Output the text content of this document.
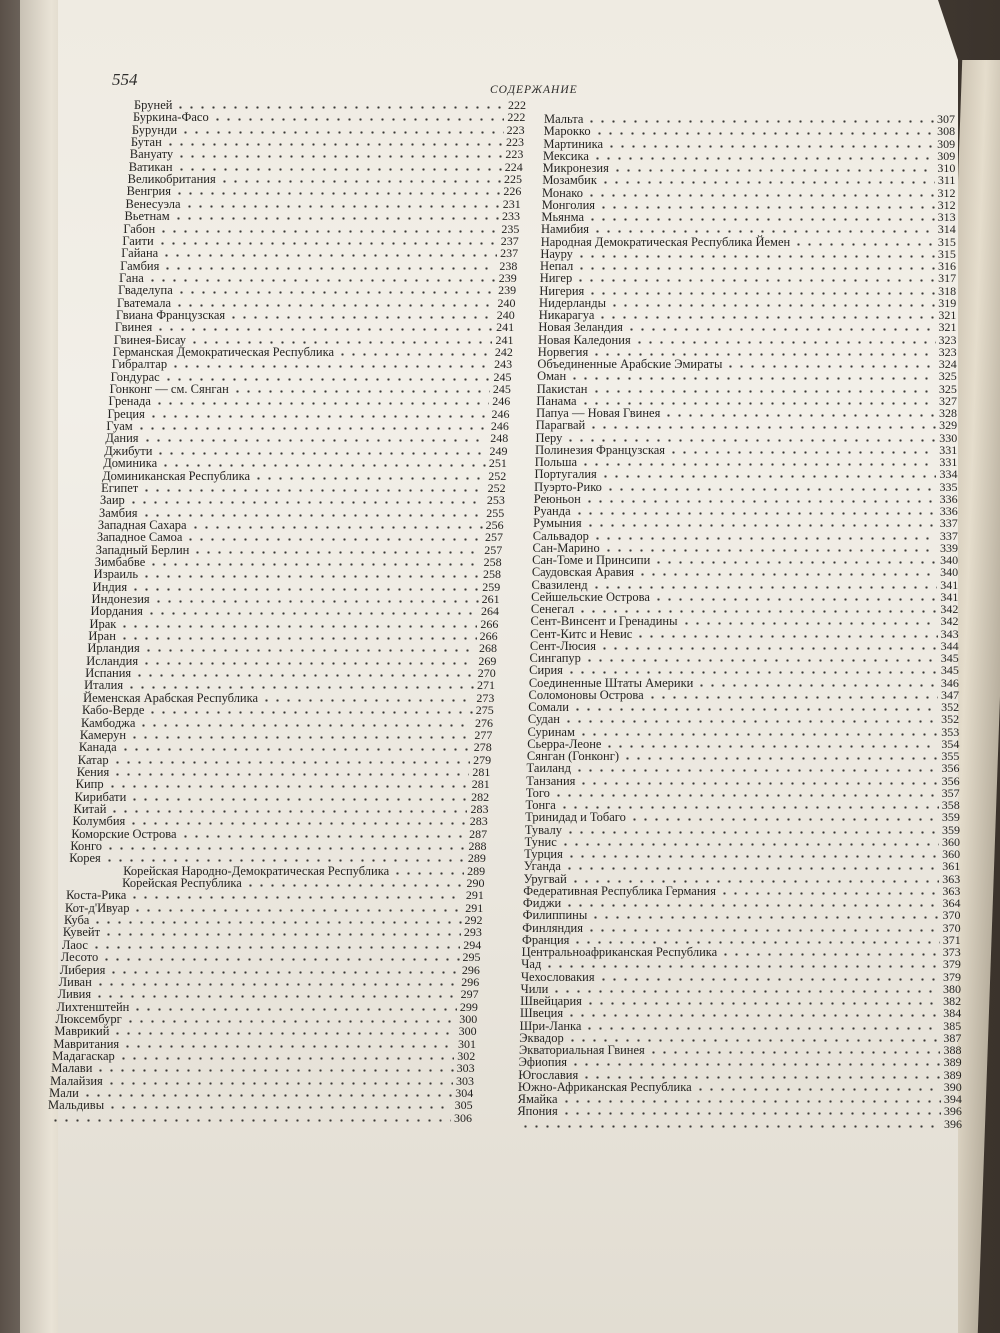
554
СОДЕРЖАНИЕ
Бруней	222
Буркина-Фасо	222
Бурунди	223
Бутан	223
Вануату	223
Ватикан	224
Великобритания	225
Венгрия	226
Венесуэла	231
Вьетнам	233
Габон	235
Гаити	237
Гайана	237
Гамбия	238
Гана	239
Гваделупа	239
Гватемала	240
Гвиана Французская	240
Гвинея	241
Гвинея-Бисау	241
Германская Демократическая Республика	242
Гибралтар	243
Гондурас	245
Гонконг — см. Сянган	245
Гренада	246
Греция	246
Гуам	246
Дания	248
Джибути	249
Доминика	251
Доминиканская Республика	252
Египет	252
Заир	253
Замбия	255
Западная Сахара	256
Западное Самоа	257
Западный Берлин	257
Зимбабве	258
Израиль	258
Индия	259
Индонезия	261
Иордания	264
Ирак	266
Иран	266
Ирландия	268
Исландия	269
Испания	270
Италия	271
Йеменская Арабская Республика	273
Кабо-Верде	275
Камбоджа	276
Камерун	277
Канада	278
Катар	279
Кения	281
Кипр	281
Кирибати	282
Китай	283
Колумбия	283
Коморские Острова	287
Конго	288
Корея	289
Корейская Народно-Демократическая Республика	289
Корейская Республика	290
Коста-Рика	291
Кот-д'Ивуар	291
Куба	292
Кувейт	293
Лаос	294
Лесото	295
Либерия	296
Ливан	296
Ливия	297
Лихтенштейн	299
Люксембург	300
Маврикий	300
Мавритания	301
Мадагаскар	302
Малави	303
Малайзия	303
Мали	304
Мальдивы	305
306
Мальта	307
Марокко	308
Мартиника	309
Мексика	309
Микронезия	310
Мозамбик	311
Монако	312
Монголия	312
Мьянма	313
Намибия	314
Народная Демократическая Республика Йемен	315
Науру	315
Непал	316
Нигер	317
Нигерия	318
Нидерланды	319
Никарагуа	321
Новая Зеландия	321
Новая Каледония	323
Норвегия	323
Объединенные Арабские Эмираты	324
Оман	325
Пакистан	325
Панама	327
Папуа — Новая Гвинея	328
Парагвай	329
Перу	330
Полинезия Французская	331
Польша	331
Португалия	334
Пуэрто-Рико	335
Реюньон	336
Руанда	336
Румыния	337
Сальвадор	337
Сан-Марино	339
Сан-Томе и Принсипи	340
Саудовская Аравия	340
Свазиленд	341
Сейшельские Острова	341
Сенегал	342
Сент-Винсент и Гренадины	342
Сент-Китс и Невис	343
Сент-Люсия	344
Сингапур	345
Сирия	345
Соединенные Штаты Америки	346
Соломоновы Острова	347
Сомали	352
Судан	352
Суринам	353
Сьерра-Леоне	354
Сянган (Гонконг)	355
Таиланд	356
Танзания	356
Того	357
Тонга	358
Тринидад и Тобаго	359
Тувалу	359
Тунис	360
Турция	360
Уганда	361
Уругвай	363
Федеративная Республика Германия	363
Фиджи	364
Филиппины	370
Финляндия	370
Франция	371
Центральноафриканская Республика	373
Чад	379
Чехословакия	379
Чили	380
Швейцария	382
Швеция	384
Шри-Ланка	385
Эквадор	387
Экваториальная Гвинея	388
Эфиопия	389
Югославия	389
Южно-Африканская Республика	390
Ямайка	394
Япония	396
396
